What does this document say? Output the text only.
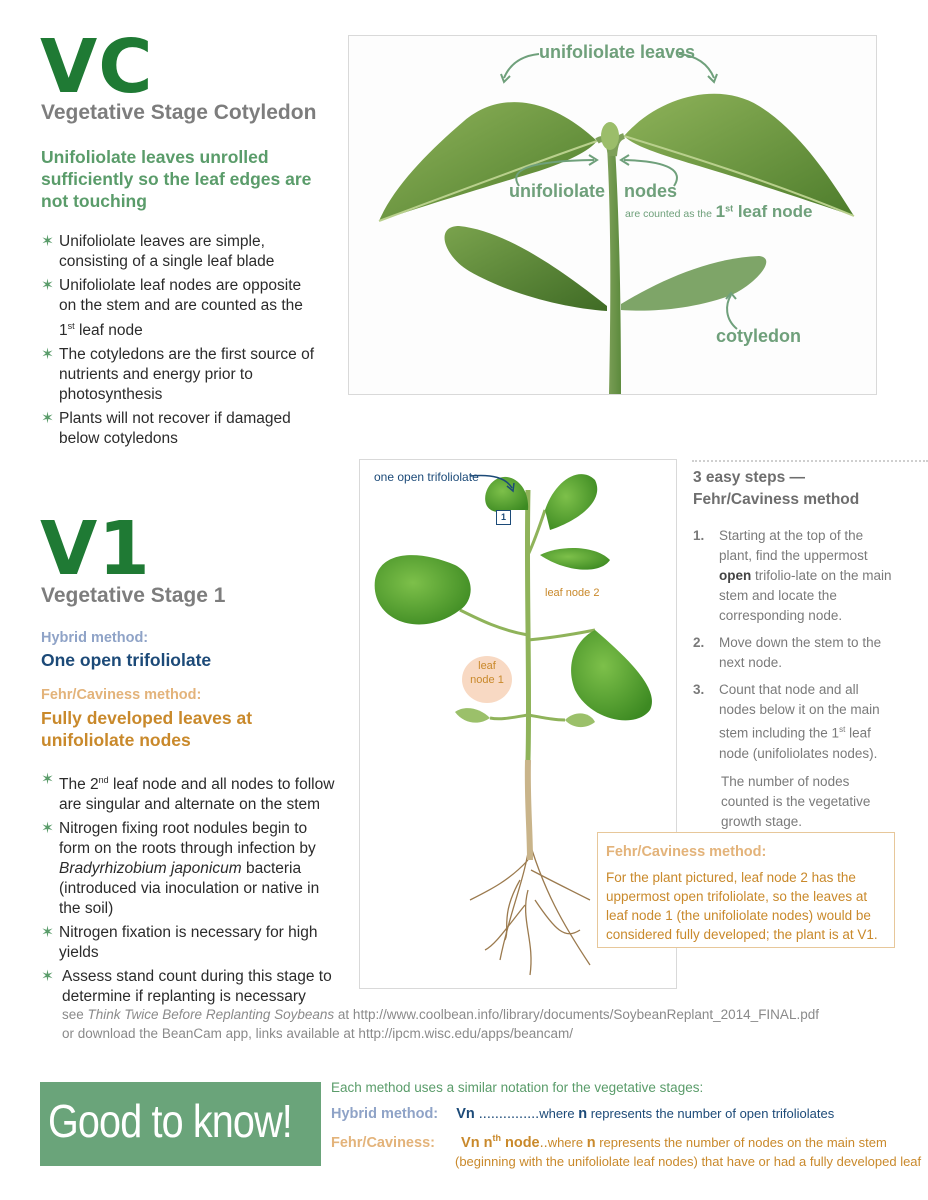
VC
Vegetative Stage Cotyledon
Unifoliolate leaves unrolled sufficiently so the leaf edges are not touching
✶ Unifoliolate leaves are simple, consisting of a single leaf blade
✶ Unifoliolate leaf nodes are opposite on the stem and are counted as the 1st leaf node
✶ The cotyledons are the first source of nutrients and energy prior to photosynthesis
✶ Plants will not recover if damaged below cotyledons
unifoliolate leaves
unifoliolate nodes
are counted as the 1st leaf node
cotyledon
V1
Vegetative Stage 1
Hybrid method:
One open trifoliolate
Fehr/Caviness method:
Fully developed leaves at unifoliolate nodes
✶ The 2nd leaf node and all nodes to follow are singular and alternate on the stem
✶ Nitrogen fixing root nodules begin to form on the roots through infection by Bradyrhizobium japonicum bacteria (introduced via inoculation or native in the soil)
✶ Nitrogen fixation is necessary for high yields
✶ Assess stand count during this stage to determine if replanting is necessary
one open trifoliolate
1
leaf node 2
leaf
node 1
3 easy steps —
Fehr/Caviness method
1. Starting at the top of the plant, find the uppermost open trifolio-late on the main stem and locate the corresponding node.
2. Move down the stem to the next node.
3. Count that node and all nodes below it on the main stem including the 1st leaf node (unifoliolates nodes).
The number of nodes counted is the vegetative growth stage.
Fehr/Caviness method:
For the plant pictured, leaf node 2 has the uppermost open trifoliolate, so the leaves at leaf node 1 (the unifoliolate nodes) would be considered fully developed; the plant is at V1.
see Think Twice Before Replanting Soybeans at http://www.coolbean.info/library/documents/SoybeanReplant_2014_FINAL.pdf
or download the BeanCam app, links available at http://ipcm.wisc.edu/apps/beancam/
Good to know!
Each method uses a similar notation for the vegetative stages:
Hybrid method: Vn ...............where n represents the number of open trifoliolates
Fehr/Caviness: Vn $n^{th}$ node..where n represents the number of nodes on the main stem
(beginning with the unifoliolate leaf nodes) that have or had a fully developed leaf
